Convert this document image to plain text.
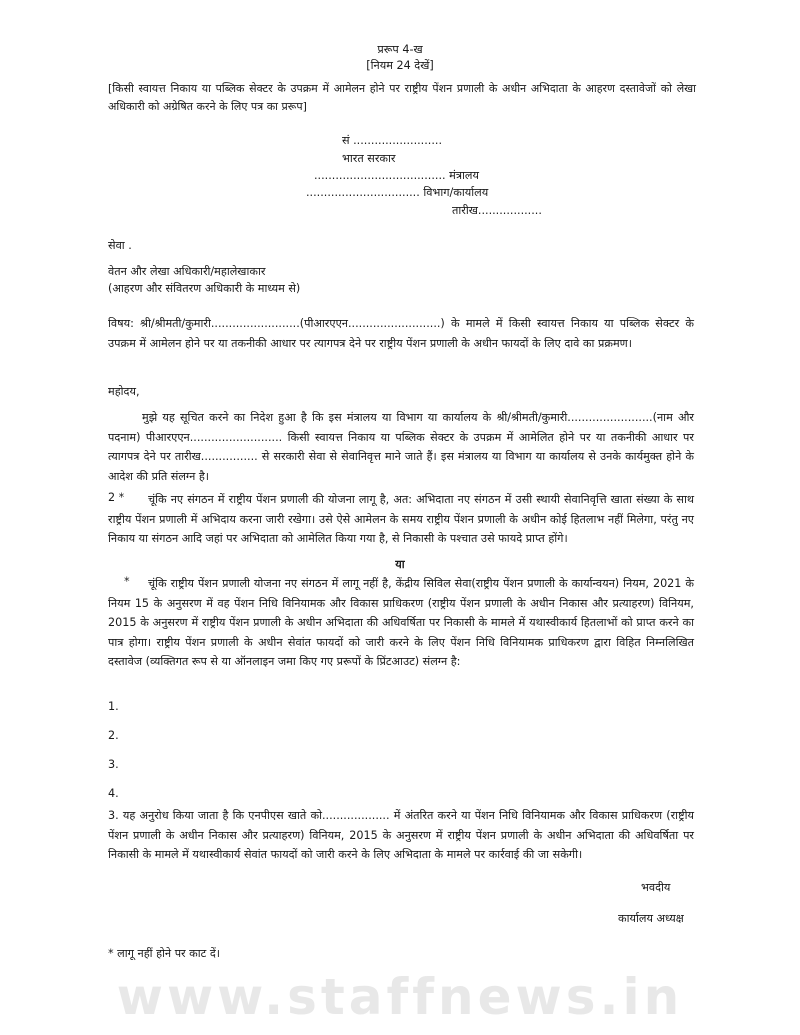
प्ररूप 4-ख
[नियम 24 देखें]
[किसी स्वायत्त निकाय या पब्लिक सेक्टर के उपक्रम में आमेलन होने पर राष्ट्रीय पेंशन प्रणाली के अधीन अभिदाता के आहरण दस्तावेजों को लेखा अधिकारी को अग्रेषित करने के लिए पत्र का प्ररूप]
सं .........................
भारत सरकार
..................................... मंत्रालय
................................ विभाग/कार्यालय
तारीख..................
सेवा .
वेतन और लेखा अधिकारी/महालेखाकार
(आहरण और संवितरण अधिकारी के माध्यम से)
विषय: श्री/श्रीमती/कुमारी.........................(पीआरएएन..........................) के मामले में किसी स्वायत्त निकाय या पब्लिक सेक्टर के उपक्रम में आमेलन होने पर या तकनीकी आधार पर त्यागपत्र देने पर राष्ट्रीय पेंशन प्रणाली के अधीन फायदों के लिए दावे का प्रक्रमण।
महोदय,
मुझे यह सूचित करने का निदेश हुआ है कि इस मंत्रालय या विभाग या कार्यालय के श्री/श्रीमती/कुमारी........................(नाम और पदनाम) पीआरएएन.......................... किसी स्वायत्त निकाय या पब्लिक सेक्टर के उपक्रम में आमेलित होने पर या तकनीकी आधार पर त्यागपत्र देने पर तारीख................ से सरकारी सेवा से सेवानिवृत्त माने जाते हैं। इस मंत्रालय या विभाग या कार्यालय से उनके कार्यमुक्त होने के आदेश की प्रति संलग्न है।
2 *	चूंकि नए संगठन में राष्ट्रीय पेंशन प्रणाली की योजना लागू है, अत: अभिदाता नए संगठन में उसी स्थायी सेवानिवृत्ति खाता संख्या के साथ राष्ट्रीय पेंशन प्रणाली में अभिदाय करना जारी रखेगा। उसे ऐसे आमेलन के समय राष्ट्रीय पेंशन प्रणाली के अधीन कोई हितलाभ नहीं मिलेगा, परंतु नए निकाय या संगठन आदि जहां पर अभिदाता को आमेलित किया गया है, से निकासी के पश्चात उसे फायदे प्राप्त होंगे।
या
*	चूंकि राष्ट्रीय पेंशन प्रणाली योजना नए संगठन में लागू नहीं है, केंद्रीय सिविल सेवा(राष्ट्रीय पेंशन प्रणाली के कार्यान्वयन) नियम, 2021 के नियम 15 के अनुसरण में वह पेंशन निधि विनियामक और विकास प्राधिकरण (राष्ट्रीय पेंशन प्रणाली के अधीन निकास और प्रत्याहरण) विनियम, 2015 के अनुसरण में राष्ट्रीय पेंशन प्रणाली के अधीन अभिदाता की अधिवर्षिता पर निकासी के मामले में यथास्वीकार्य हितलाभों को प्राप्त करने का पात्र होगा। राष्ट्रीय पेंशन प्रणाली के अधीन सेवांत फायदों को जारी करने के लिए पेंशन निधि विनियामक प्राधिकरण द्वारा विहित निम्नलिखित दस्तावेज (व्यक्तिगत रूप से या ऑनलाइन जमा किए गए प्ररूपों के प्रिंटआउट) संलग्न है:
1.
2.
3.
4.
3. यह अनुरोध किया जाता है कि एनपीएस खाते को................... में अंतरित करने या पेंशन निधि विनियामक और विकास प्राधिकरण (राष्ट्रीय पेंशन प्रणाली के अधीन निकास और प्रत्याहरण) विनियम, 2015 के अनुसरण में राष्ट्रीय पेंशन प्रणाली के अधीन अभिदाता की अधिवर्षिता पर निकासी के मामले में यथास्वीकार्य सेवांत फायदों को जारी करने के लिए अभिदाता के मामले पर कार्रवाई की जा सकेगी।
भवदीय
कार्यालय अध्यक्ष
* लागू नहीं होने पर काट दें।
www.staffnews.in
